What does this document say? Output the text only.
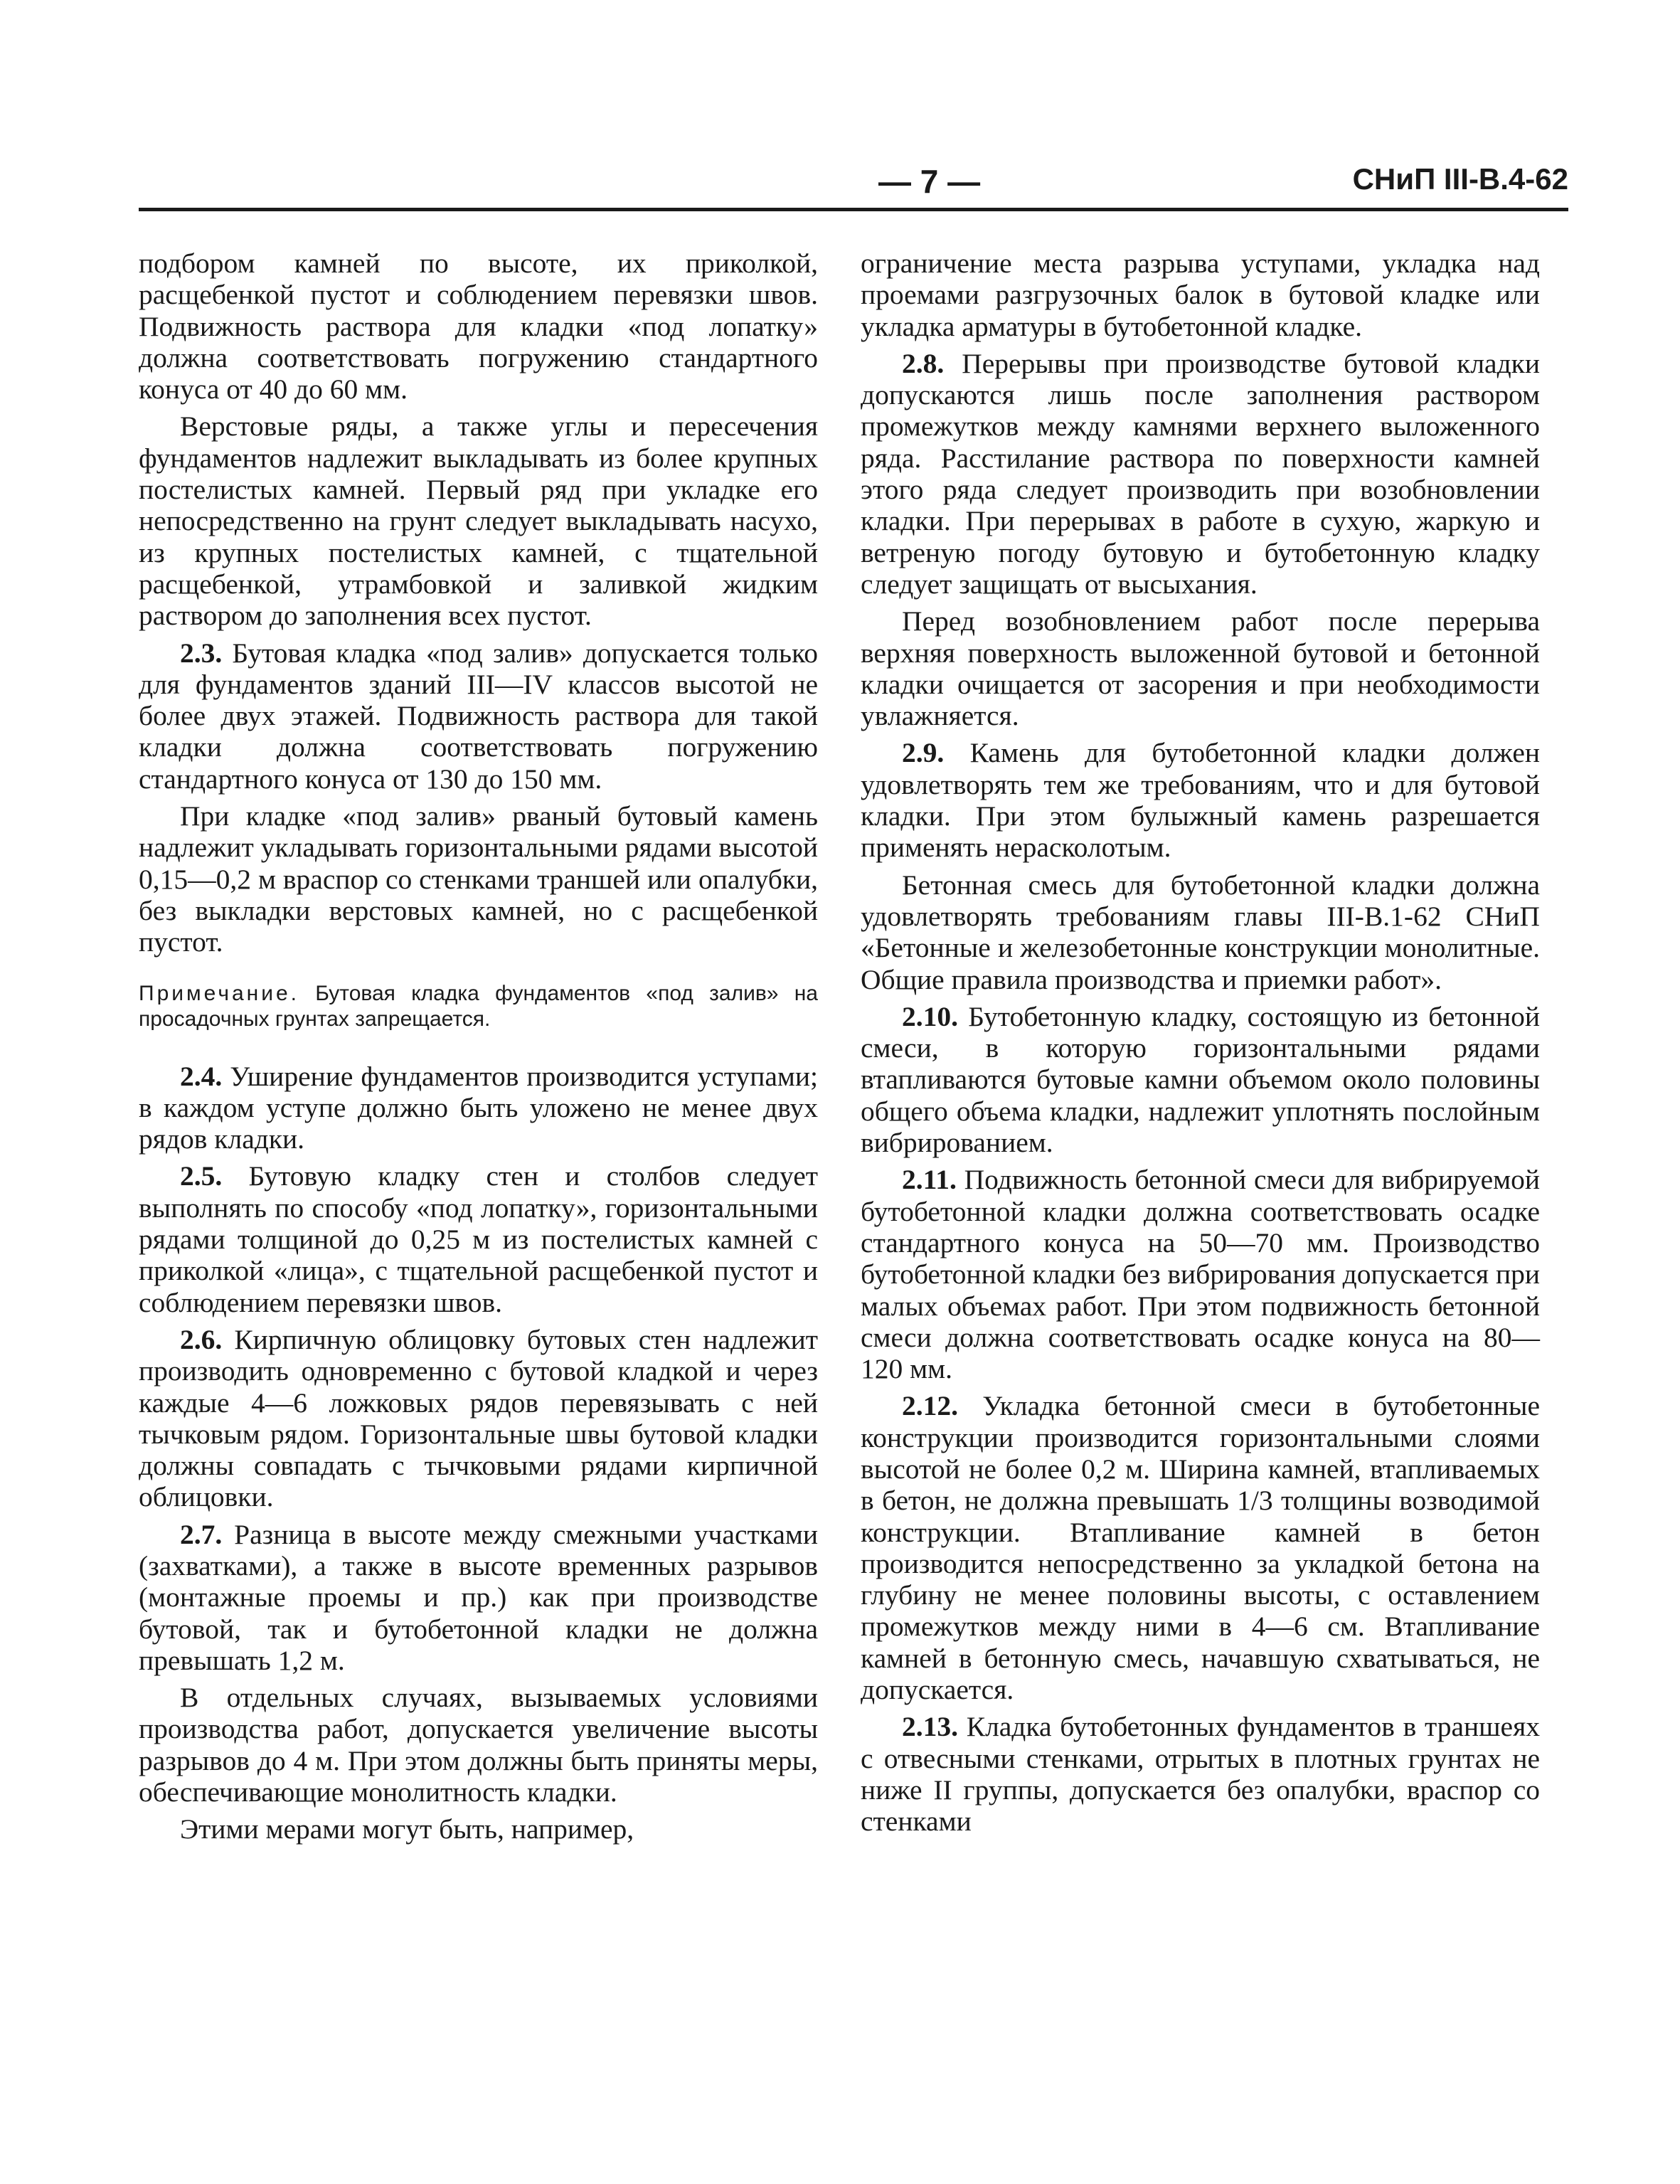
— 7 —	СНиП III-В.4-62

подбором камней по высоте, их приколкой, расщебенкой пустот и соблюдением перевязки швов. Подвижность раствора для кладки «под лопатку» должна соответствовать погружению стандартного конуса от 40 до 60 мм.

Верстовые ряды, а также углы и пересечения фундаментов надлежит выкладывать из более крупных постелистых камней. Первый ряд при укладке его непосредственно на грунт следует выкладывать насухо, из крупных постелистых камней, с тщательной расщебенкой, утрамбовкой и заливкой жидким раствором до заполнения всех пустот.

2.3. Бутовая кладка «под залив» допускается только для фундаментов зданий III—IV классов высотой не более двух этажей. Подвижность раствора для такой кладки должна соответствовать погружению стандартного конуса от 130 до 150 мм.

При кладке «под залив» рваный бутовый камень надлежит укладывать горизонтальными рядами высотой 0,15—0,2 м враспор со стенками траншей или опалубки, без выкладки верстовых камней, но с расщебенкой пустот.

Примечание. Бутовая кладка фундаментов «под залив» на просадочных грунтах запрещается.

2.4. Уширение фундаментов производится уступами; в каждом уступе должно быть уложено не менее двух рядов кладки.

2.5. Бутовую кладку стен и столбов следует выполнять по способу «под лопатку», горизонтальными рядами толщиной до 0,25 м из постелистых камней с приколкой «лица», с тщательной расщебенкой пустот и соблюдением перевязки швов.

2.6. Кирпичную облицовку бутовых стен надлежит производить одновременно с бутовой кладкой и через каждые 4—6 ложковых рядов перевязывать с ней тычковым рядом. Горизонтальные швы бутовой кладки должны совпадать с тычковыми рядами кирпичной облицовки.

2.7. Разница в высоте между смежными участками (захватками), а также в высоте временных разрывов (монтажные проемы и пр.) как при производстве бутовой, так и бутобетонной кладки не должна превышать 1,2 м.

В отдельных случаях, вызываемых условиями производства работ, допускается увеличение высоты разрывов до 4 м. При этом должны быть приняты меры, обеспечивающие монолитность кладки.

Этими мерами могут быть, например,

ограничение места разрыва уступами, укладка над проемами разгрузочных балок в бутовой кладке или укладка арматуры в бутобетонной кладке.

2.8. Перерывы при производстве бутовой кладки допускаются лишь после заполнения раствором промежутков между камнями верхнего выложенного ряда. Расстилание раствора по поверхности камней этого ряда следует производить при возобновлении кладки. При перерывах в работе в сухую, жаркую и ветреную погоду бутовую и бутобетонную кладку следует защищать от высыхания.

Перед возобновлением работ после перерыва верхняя поверхность выложенной бутовой и бетонной кладки очищается от засорения и при необходимости увлажняется.

2.9. Камень для бутобетонной кладки должен удовлетворять тем же требованиям, что и для бутовой кладки. При этом булыжный камень разрешается применять нерасколотым.

Бетонная смесь для бутобетонной кладки должна удовлетворять требованиям главы III-В.1-62 СНиП «Бетонные и железобетонные конструкции монолитные. Общие правила производства и приемки работ».

2.10. Бутобетонную кладку, состоящую из бетонной смеси, в которую горизонтальными рядами втапливаются бутовые камни объемом около половины общего объема кладки, надлежит уплотнять послойным вибрированием.

2.11. Подвижность бетонной смеси для вибрируемой бутобетонной кладки должна соответствовать осадке стандартного конуса на 50—70 мм. Производство бутобетонной кладки без вибрирования допускается при малых объемах работ. При этом подвижность бетонной смеси должна соответствовать осадке конуса на 80—120 мм.

2.12. Укладка бетонной смеси в бутобетонные конструкции производится горизонтальными слоями высотой не более 0,2 м. Ширина камней, втапливаемых в бетон, не должна превышать 1/3 толщины возводимой конструкции. Втапливание камней в бетон производится непосредственно за укладкой бетона на глубину не менее половины высоты, с оставлением промежутков между ними в 4—6 см. Втапливание камней в бетонную смесь, начавшую схватываться, не допускается.

2.13. Кладка бутобетонных фундаментов в траншеях с отвесными стенками, отрытых в плотных грунтах не ниже II группы, допускается без опалубки, враспор со стенками
